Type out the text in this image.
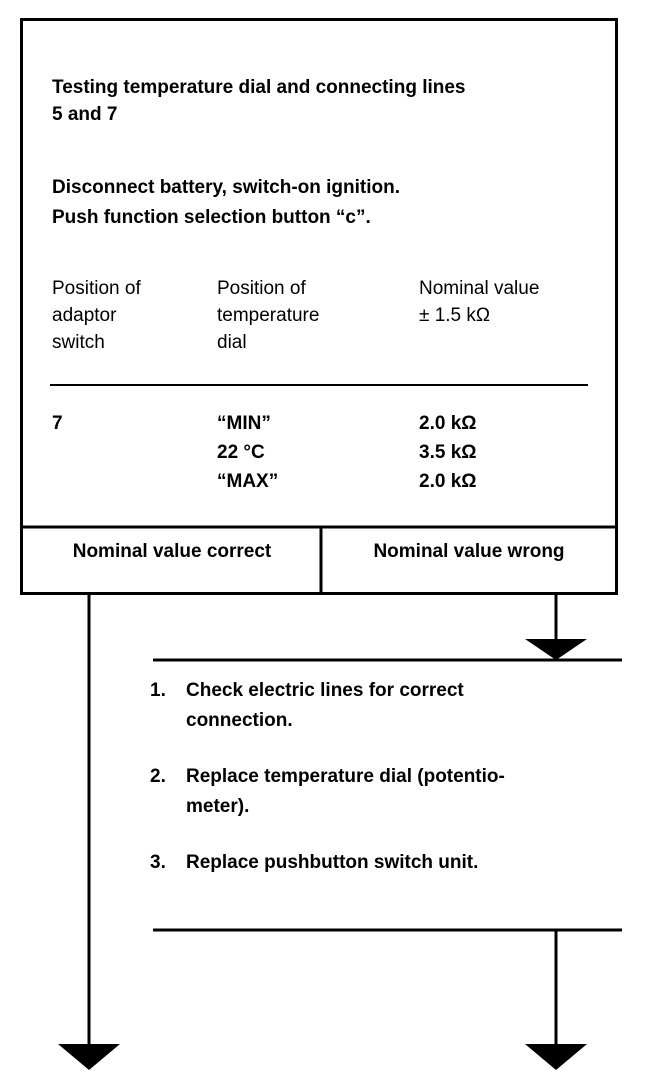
Testing temperature dial and connecting lines
5 and 7
Disconnect battery, switch-on ignition.
Push function selection button “c”.
Position of
adaptor
switch
Position of
temperature
dial
Nominal value
± 1.5 kΩ
7	“MIN”
22 °C
“MAX”
2.0 kΩ
3.5 kΩ
2.0 kΩ
Nominal value correct	Nominal value wrong
1. Check electric lines for correct
connection.
2. Replace temperature dial (potentio-
meter).
3. Replace pushbutton switch unit.
